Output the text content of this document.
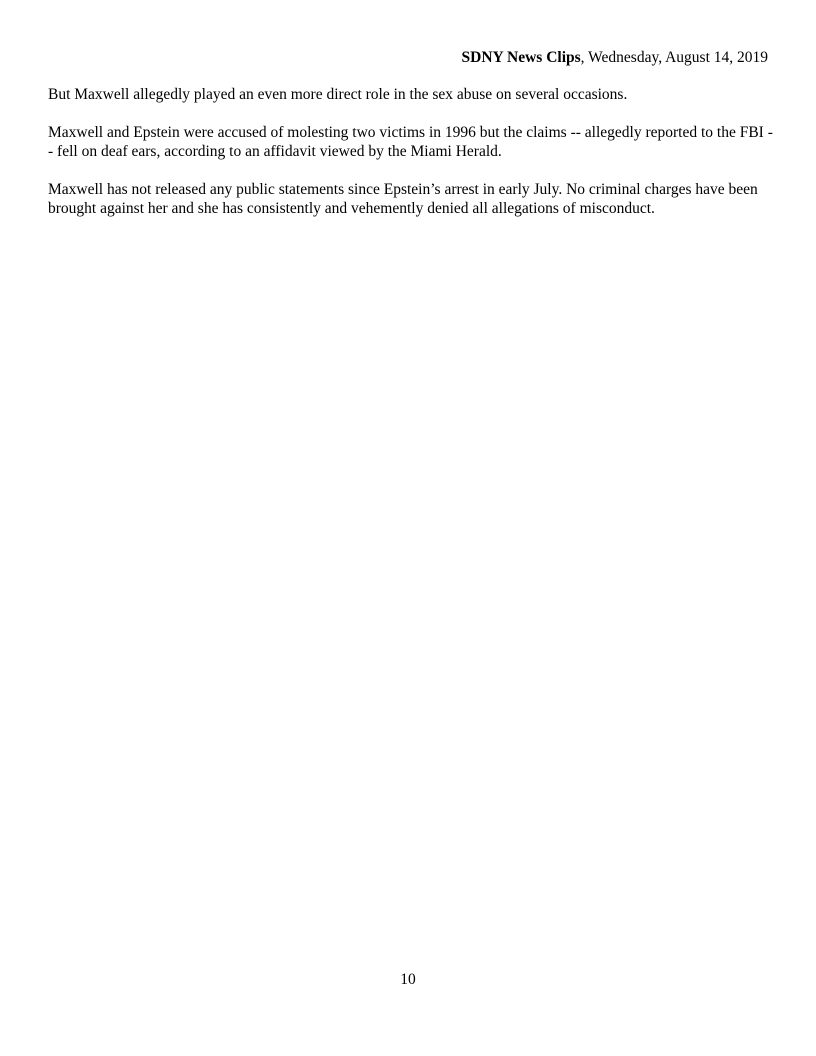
SDNY News Clips, Wednesday, August 14, 2019

But Maxwell allegedly played an even more direct role in the sex abuse on several occasions.

Maxwell and Epstein were accused of molesting two victims in 1996 but the claims -- allegedly reported to the FBI -- fell on deaf ears, according to an affidavit viewed by the Miami Herald.

Maxwell has not released any public statements since Epstein’s arrest in early July. No criminal charges have been brought against her and she has consistently and vehemently denied all allegations of misconduct.

10
